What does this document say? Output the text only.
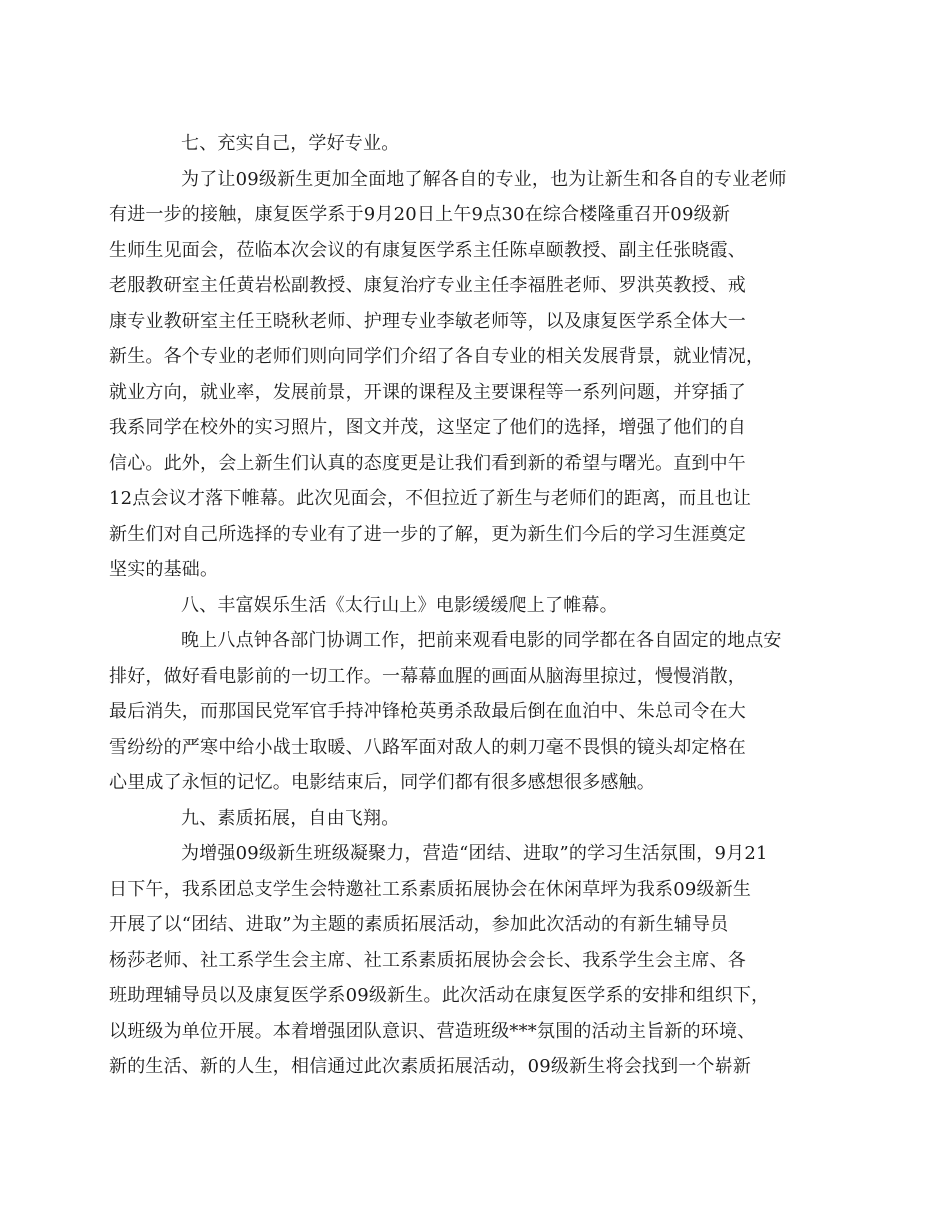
七、充实自己，学好专业。

为了让09级新生更加全面地了解各自的专业，也为让新生和各自的专业老师
有进一步的接触，康复医学系于9月20日上午9点30在综合楼隆重召开09级新
生师生见面会，莅临本次会议的有康复医学系主任陈卓颐教授、副主任张晓霞、
老服教研室主任黄岩松副教授、康复治疗专业主任李福胜老师、罗洪英教授、戒
康专业教研室主任王晓秋老师、护理专业李敏老师等，以及康复医学系全体大一
新生。各个专业的老师们则向同学们介绍了各自专业的相关发展背景，就业情况，
就业方向，就业率，发展前景，开课的课程及主要课程等一系列问题，并穿插了
我系同学在校外的实习照片，图文并茂，这坚定了他们的选择，增强了他们的自
信心。此外，会上新生们认真的态度更是让我们看到新的希望与曙光。直到中午
12点会议才落下帷幕。此次见面会，不但拉近了新生与老师们的距离，而且也让
新生们对自己所选择的专业有了进一步的了解，更为新生们今后的学习生涯奠定
坚实的基础。

八、丰富娱乐生活《太行山上》电影缓缓爬上了帷幕。

晚上八点钟各部门协调工作，把前来观看电影的同学都在各自固定的地点安
排好，做好看电影前的一切工作。一幕幕血腥的画面从脑海里掠过，慢慢消散，
最后消失，而那国民党军官手持冲锋枪英勇杀敌最后倒在血泊中、朱总司令在大
雪纷纷的严寒中给小战士取暖、八路军面对敌人的刺刀毫不畏惧的镜头却定格在
心里成了永恒的记忆。电影结束后，同学们都有很多感想很多感触。

九、素质拓展，自由飞翔。

为增强09级新生班级凝聚力，营造“团结、进取”的学习生活氛围，9月21
日下午，我系团总支学生会特邀社工系素质拓展协会在休闲草坪为我系09级新生
开展了以“团结、进取”为主题的素质拓展活动，参加此次活动的有新生辅导员
杨莎老师、社工系学生会主席、社工系素质拓展协会会长、我系学生会主席、各
班助理辅导员以及康复医学系09级新生。此次活动在康复医学系的安排和组织下，
以班级为单位开展。本着增强团队意识、营造班级***氛围的活动主旨新的环境、
新的生活、新的人生，相信通过此次素质拓展活动，09级新生将会找到一个崭新
